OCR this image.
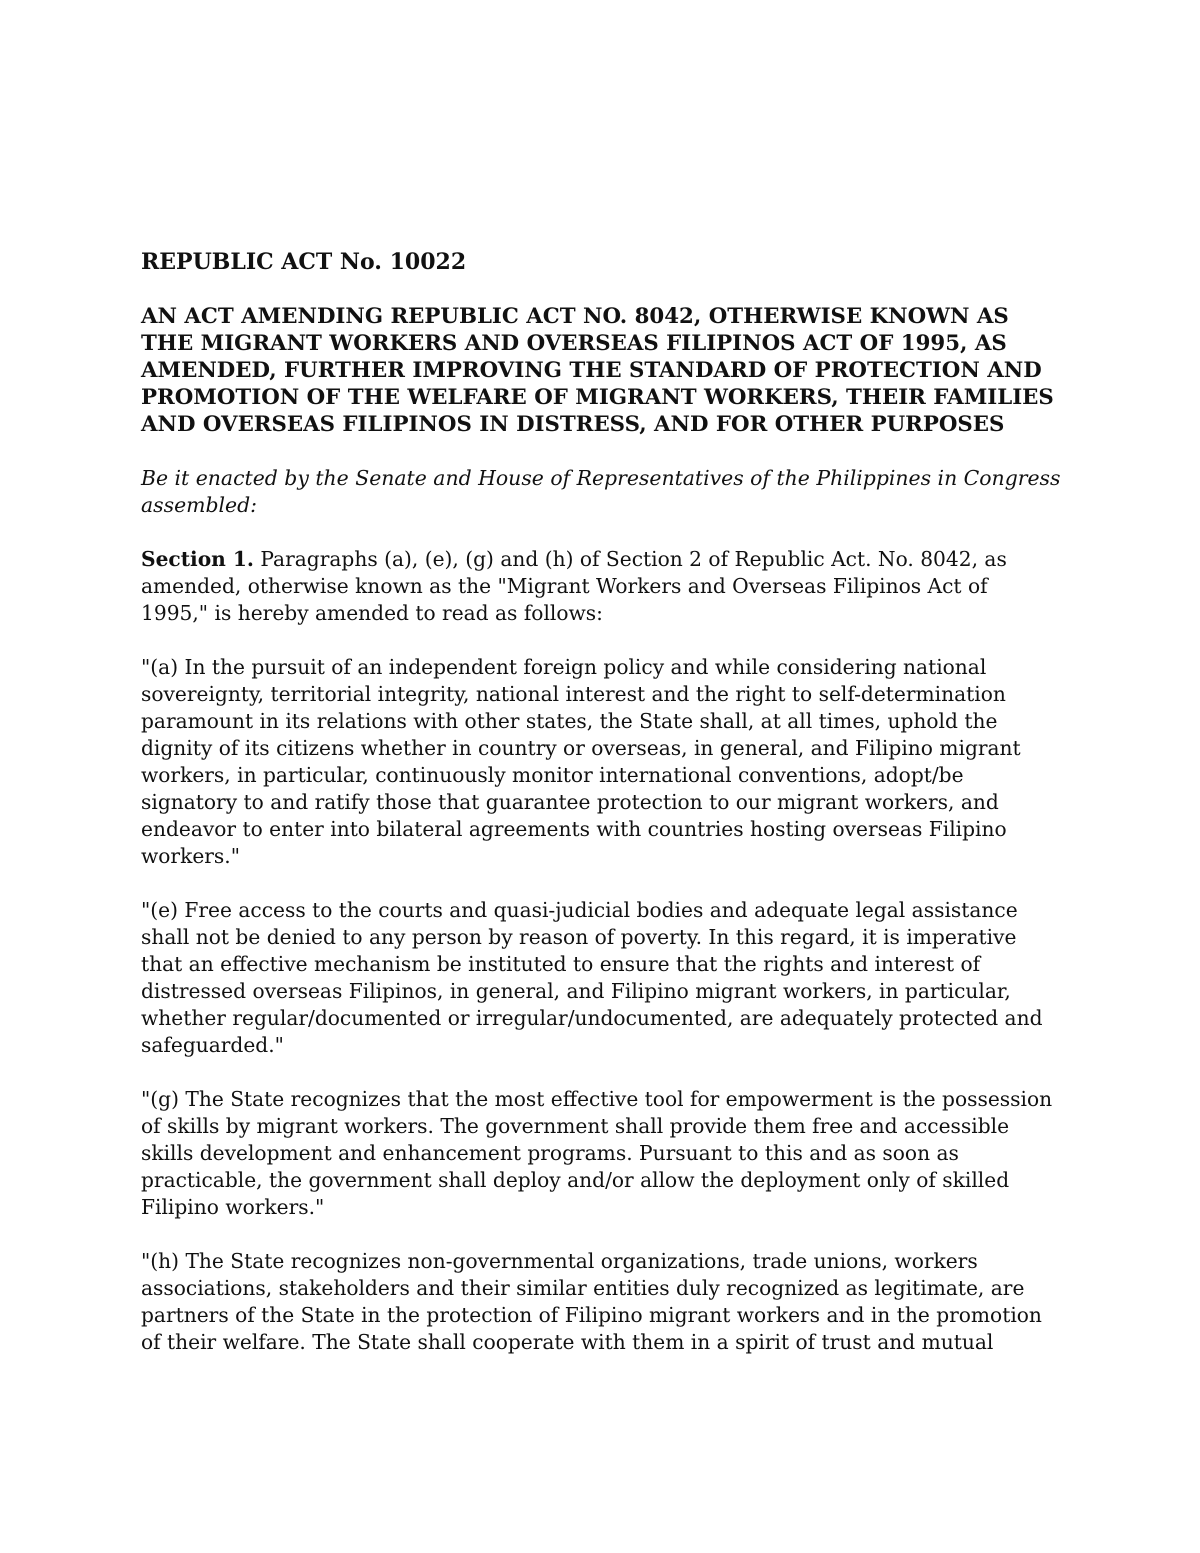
REPUBLIC ACT No. 10022
AN ACT AMENDING REPUBLIC ACT NO. 8042, OTHERWISE KNOWN AS THE MIGRANT WORKERS AND OVERSEAS FILIPINOS ACT OF 1995, AS AMENDED, FURTHER IMPROVING THE STANDARD OF PROTECTION AND PROMOTION OF THE WELFARE OF MIGRANT WORKERS, THEIR FAMILIES AND OVERSEAS FILIPINOS IN DISTRESS, AND FOR OTHER PURPOSES
Be it enacted by the Senate and House of Representatives of the Philippines in Congress assembled:
Section 1. Paragraphs (a), (e), (g) and (h) of Section 2 of Republic Act. No. 8042, as amended, otherwise known as the "Migrant Workers and Overseas Filipinos Act of 1995," is hereby amended to read as follows:
"(a) In the pursuit of an independent foreign policy and while considering national sovereignty, territorial integrity, national interest and the right to self-determination paramount in its relations with other states, the State shall, at all times, uphold the dignity of its citizens whether in country or overseas, in general, and Filipino migrant workers, in particular, continuously monitor international conventions, adopt/be signatory to and ratify those that guarantee protection to our migrant workers, and endeavor to enter into bilateral agreements with countries hosting overseas Filipino workers."
"(e) Free access to the courts and quasi-judicial bodies and adequate legal assistance shall not be denied to any person by reason of poverty. In this regard, it is imperative that an effective mechanism be instituted to ensure that the rights and interest of distressed overseas Filipinos, in general, and Filipino migrant workers, in particular, whether regular/documented or irregular/undocumented, are adequately protected and safeguarded."
"(g) The State recognizes that the most effective tool for empowerment is the possession of skills by migrant workers. The government shall provide them free and accessible skills development and enhancement programs. Pursuant to this and as soon as practicable, the government shall deploy and/or allow the deployment only of skilled Filipino workers."
"(h) The State recognizes non-governmental organizations, trade unions, workers associations, stakeholders and their similar entities duly recognized as legitimate, are partners of the State in the protection of Filipino migrant workers and in the promotion of their welfare. The State shall cooperate with them in a spirit of trust and mutual
